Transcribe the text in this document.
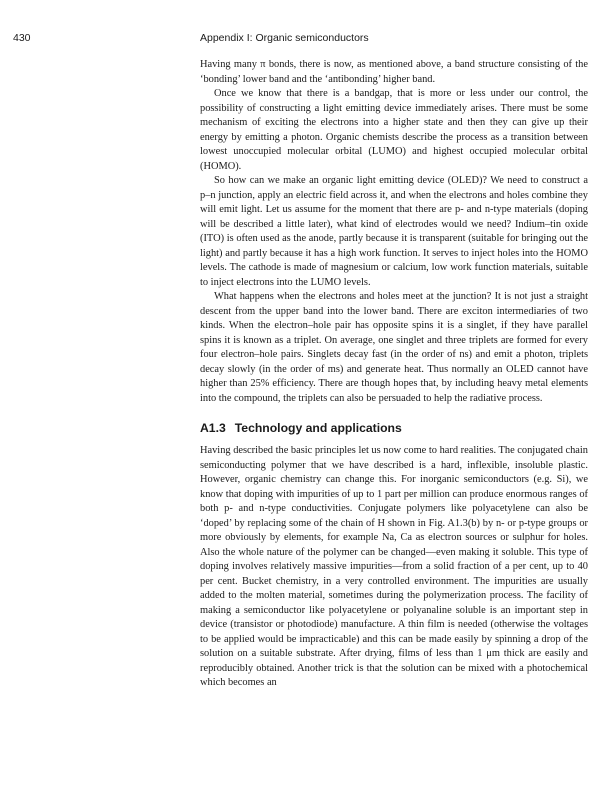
430	Appendix I: Organic semiconductors

Having many π bonds, there is now, as mentioned above, a band structure consisting of the ‘bonding’ lower band and the ‘antibonding’ higher band.

Once we know that there is a bandgap, that is more or less under our control, the possibility of constructing a light emitting device immediately arises. There must be some mechanism of exciting the electrons into a higher state and then they can give up their energy by emitting a photon. Organic chemists describe the process as a transition between lowest unoccupied molecular orbital (LUMO) and highest occupied molecular orbital (HOMO).

So how can we make an organic light emitting device (OLED)? We need to construct a p–n junction, apply an electric field across it, and when the electrons and holes combine they will emit light. Let us assume for the moment that there are p- and n-type materials (doping will be described a little later), what kind of electrodes would we need? Indium–tin oxide (ITO) is often used as the anode, partly because it is transparent (suitable for bringing out the light) and partly because it has a high work function. It serves to inject holes into the HOMO levels. The cathode is made of magnesium or calcium, low work function materials, suitable to inject electrons into the LUMO levels.

What happens when the electrons and holes meet at the junction? It is not just a straight descent from the upper band into the lower band. There are exciton intermediaries of two kinds. When the electron–hole pair has opposite spins it is a singlet, if they have parallel spins it is known as a triplet. On average, one singlet and three triplets are formed for every four electron–hole pairs. Singlets decay fast (in the order of ns) and emit a photon, triplets decay slowly (in the order of ms) and generate heat. Thus normally an OLED cannot have higher than 25% efficiency. There are though hopes that, by including heavy metal elements into the compound, the triplets can also be persuaded to help the radiative process.

A1.3 Technology and applications

Having described the basic principles let us now come to hard realities. The conjugated chain semiconducting polymer that we have described is a hard, inflexible, insoluble plastic. However, organic chemistry can change this. For inorganic semiconductors (e.g. Si), we know that doping with impurities of up to 1 part per million can produce enormous ranges of both p- and n-type conductivities. Conjugate polymers like polyacetylene can also be ‘doped’ by replacing some of the chain of H shown in Fig. A1.3(b) by n- or p-type groups or more obviously by elements, for example Na, Ca as electron sources or sulphur for holes. Also the whole nature of the polymer can be changed—even making it soluble. This type of doping involves relatively massive impurities—from a solid fraction of a per cent, up to 40 per cent. Bucket chemistry, in a very controlled environment. The impurities are usually added to the molten material, sometimes during the polymerization process. The facility of making a semiconductor like polyacetylene or polyanaline soluble is an important step in device (transistor or photodiode) manufacture. A thin film is needed (otherwise the voltages to be applied would be impracticable) and this can be made easily by spinning a drop of the solution on a suitable substrate. After drying, films of less than 1 μm thick are easily and reproducibly obtained. Another trick is that the solution can be mixed with a photochemical which becomes an
